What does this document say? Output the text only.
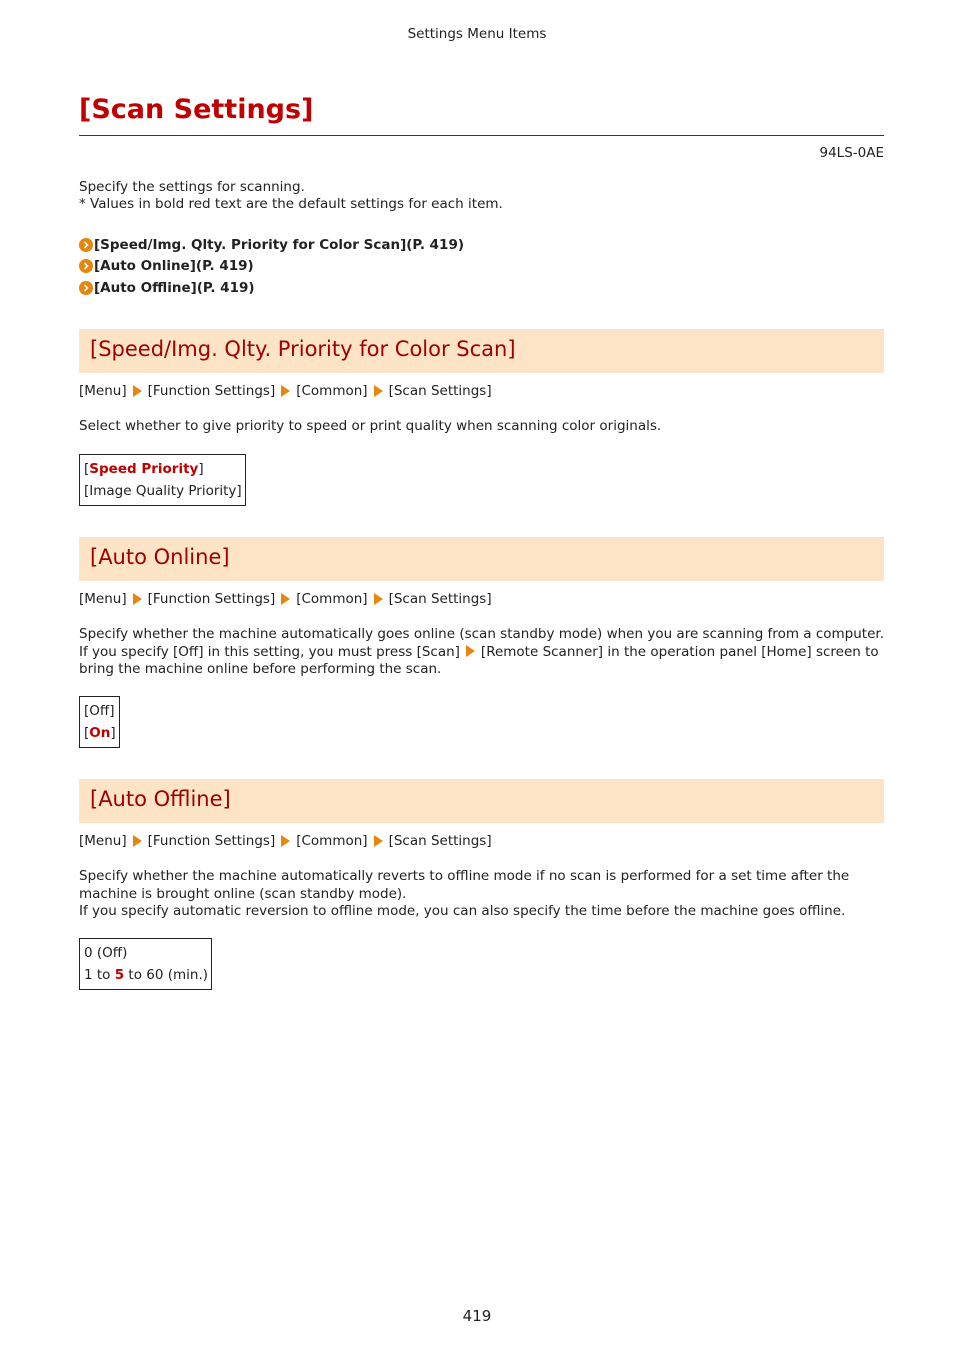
Settings Menu Items
[Scan Settings]
94LS-0AE
Specify the settings for scanning.
* Values in bold red text are the default settings for each item.
[Speed/Img. Qlty. Priority for Color Scan](P. 419)
[Auto Online](P. 419)
[Auto Offline](P. 419)
[Speed/Img. Qlty. Priority for Color Scan]
[Menu] [Function Settings] [Common] [Scan Settings]
Select whether to give priority to speed or print quality when scanning color originals.
[Speed Priority]
[Image Quality Priority]
[Auto Online]
[Menu] [Function Settings] [Common] [Scan Settings]
Specify whether the machine automatically goes online (scan standby mode) when you are scanning from a computer.
If you specify [Off] in this setting, you must press [Scan] [Remote Scanner] in the operation panel [Home] screen to
bring the machine online before performing the scan.
[Off]
[On]
[Auto Offline]
[Menu] [Function Settings] [Common] [Scan Settings]
Specify whether the machine automatically reverts to offline mode if no scan is performed for a set time after the
machine is brought online (scan standby mode).
If you specify automatic reversion to offline mode, you can also specify the time before the machine goes offline.
0 (Off)
1 to 5 to 60 (min.)
419
